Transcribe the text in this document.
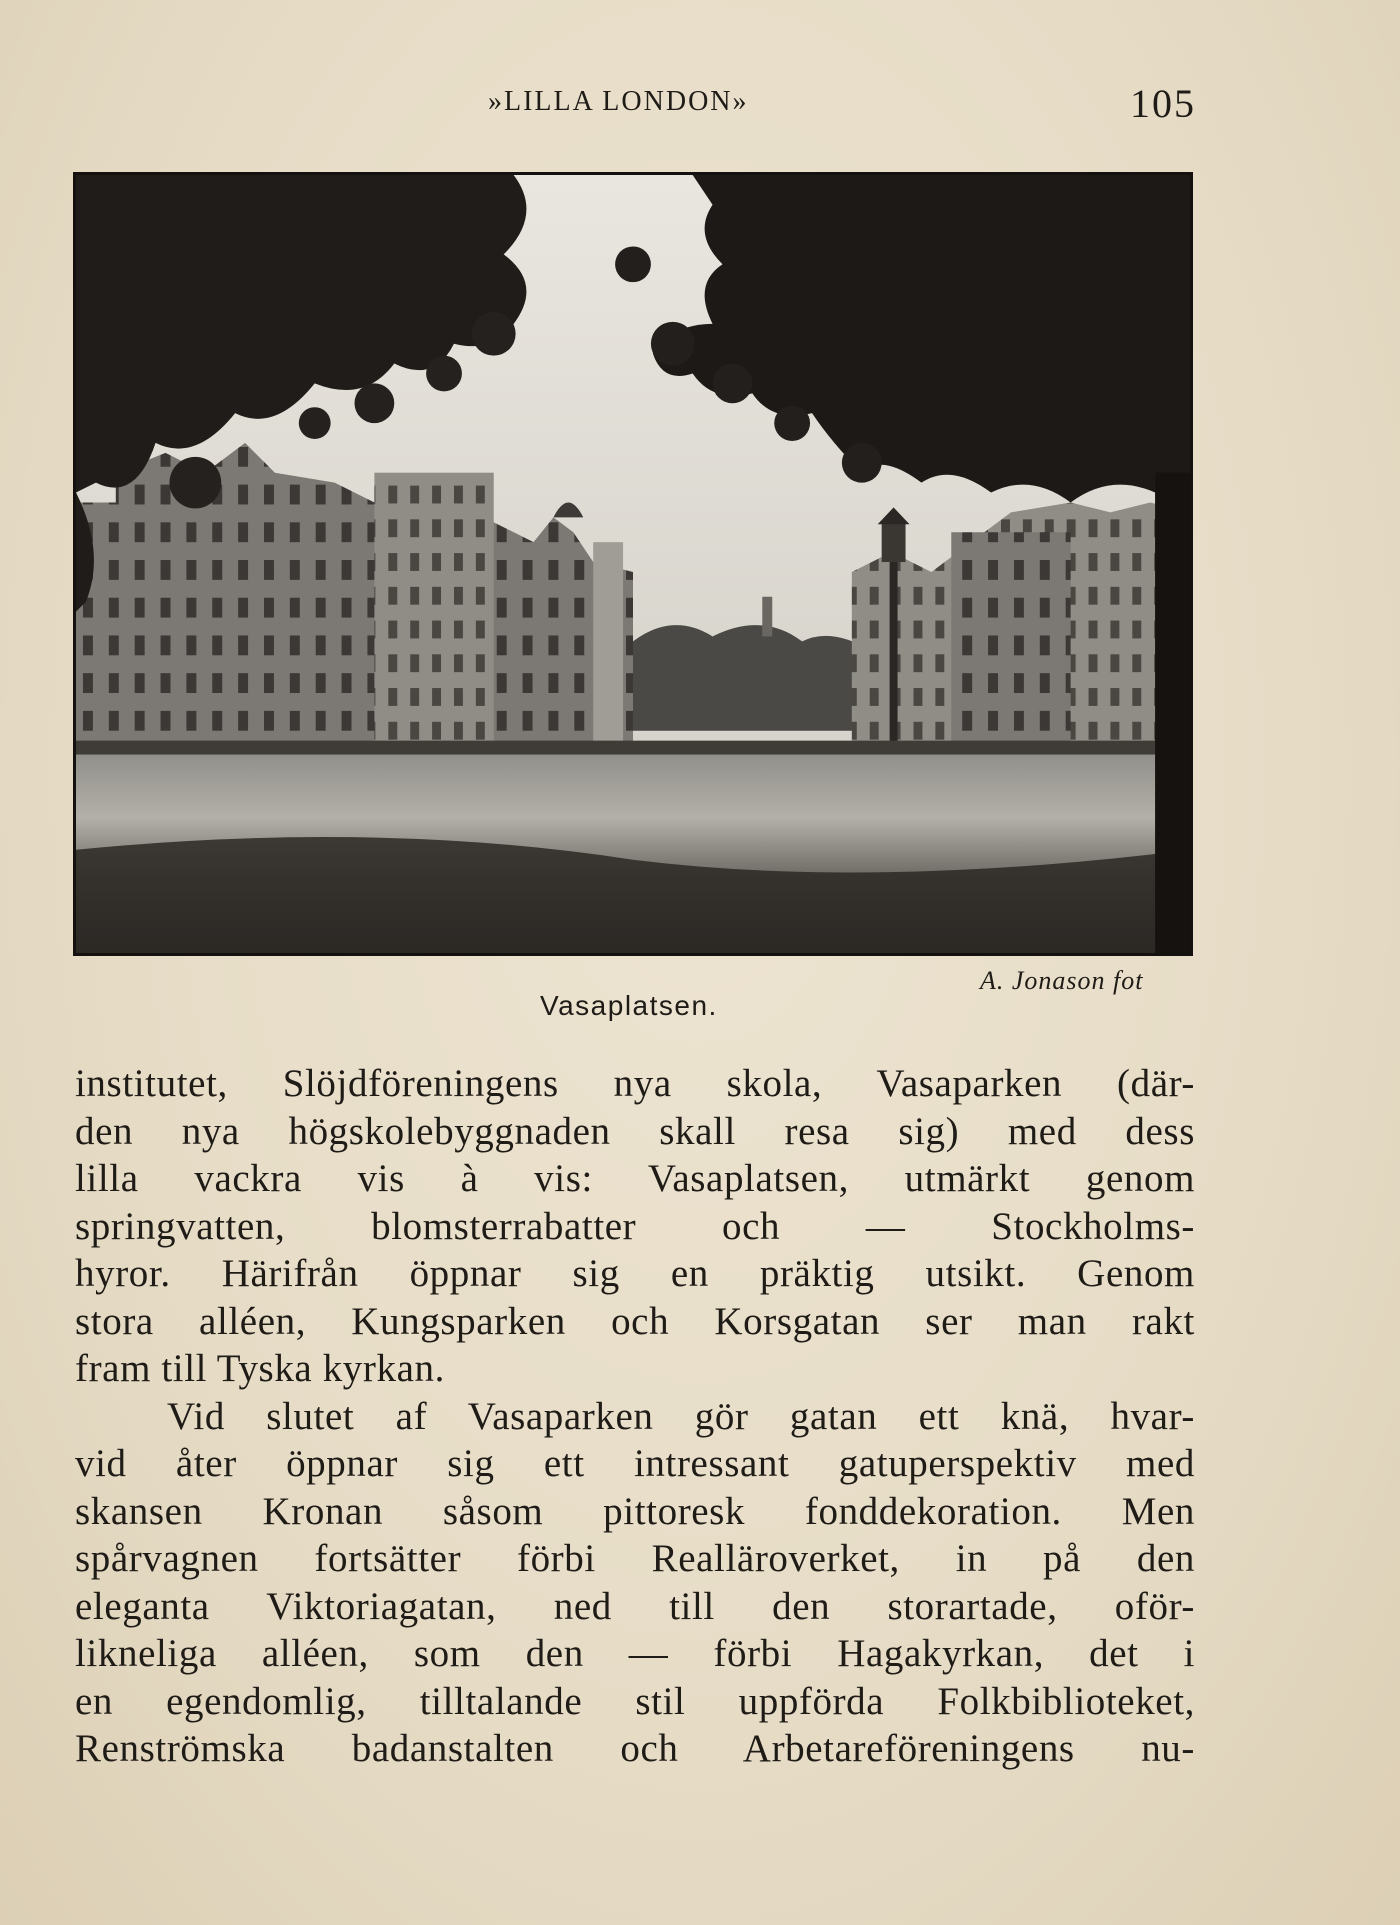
»LILLA LONDON»	105
A. Jonason fot
Vasaplatsen.
institutet, Slöjdföreningens nya skola, Vasaparken (där-
den nya högskolebyggnaden skall resa sig) med dess
lilla vackra vis à vis: Vasaplatsen, utmärkt genom
springvatten, blomsterrabatter och — Stockholms-
hyror. Härifrån öppnar sig en präktig utsikt. Genom
stora alléen, Kungsparken och Korsgatan ser man rakt
fram till Tyska kyrkan.
Vid slutet af Vasaparken gör gatan ett knä, hvar-
vid åter öppnar sig ett intressant gatuperspektiv med
skansen Kronan såsom pittoresk fonddekoration. Men
spårvagnen fortsätter förbi Realläroverket, in på den
eleganta Viktoriagatan, ned till den storartade, oför-
likneliga alléen, som den — förbi Hagakyrkan, det i
en egendomlig, tilltalande stil uppförda Folkbiblioteket,
Renströmska badanstalten och Arbetareföreningens nu-
